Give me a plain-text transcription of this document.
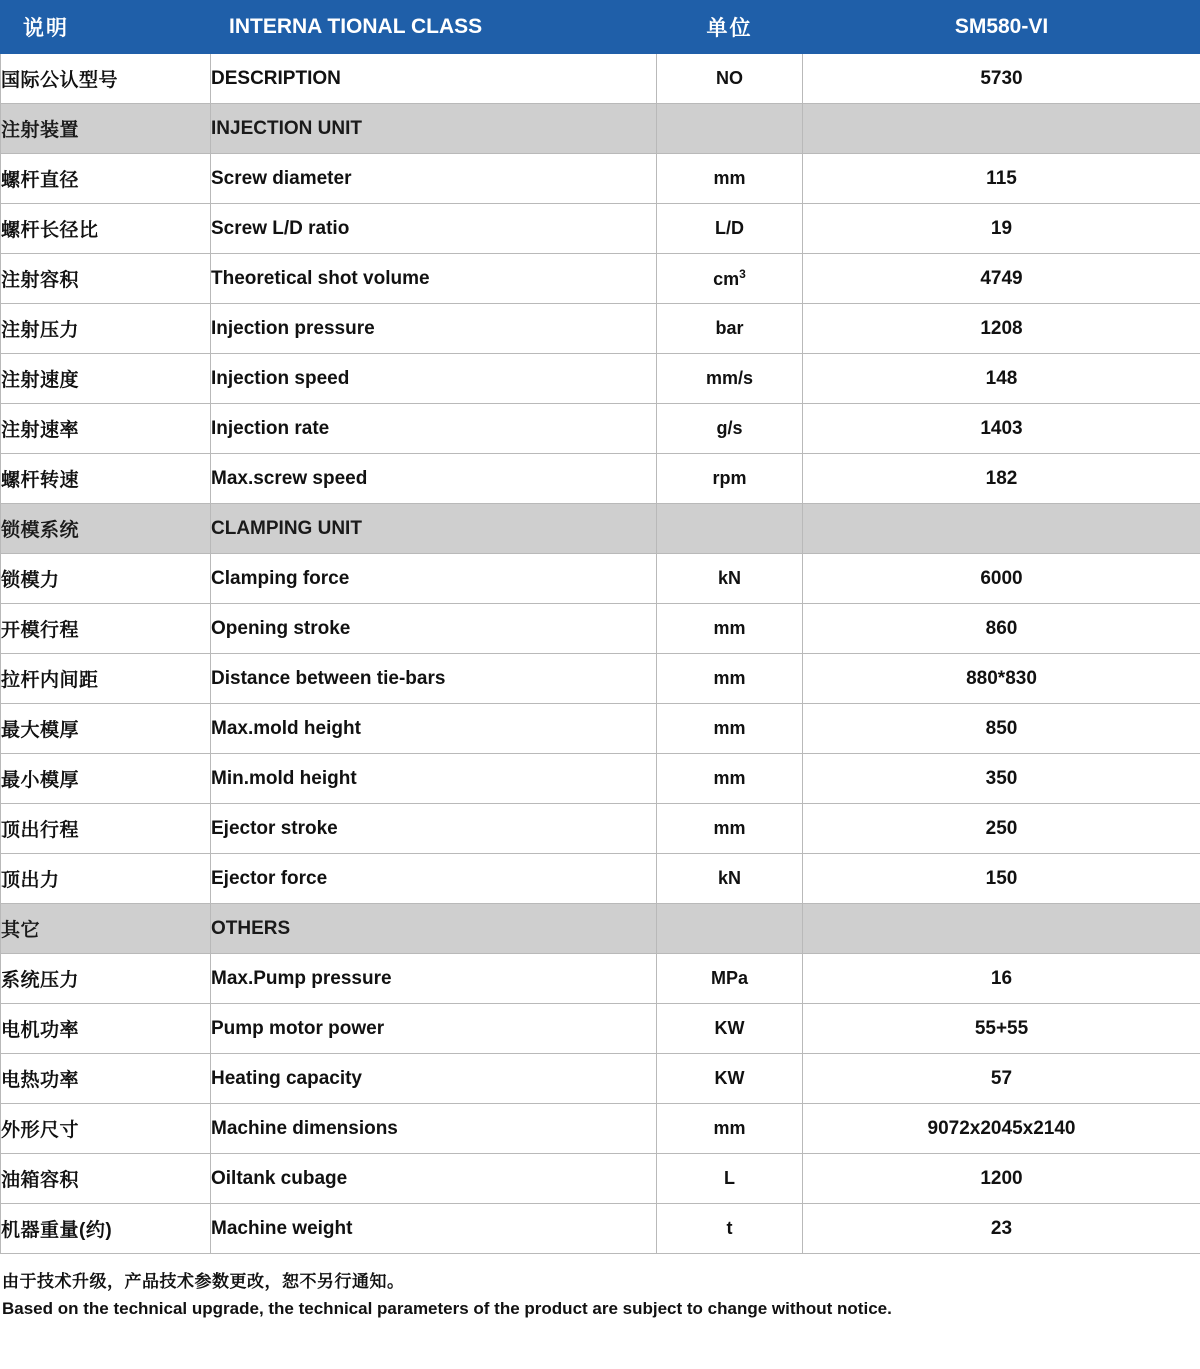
说明	INTERNA TIONAL CLASS	单位	SM580-VI
国际公认型号	DESCRIPTION	NO	5730
注射装置	INJECTION UNIT		
螺杆直径	Screw diameter	mm	115
螺杆长径比	Screw L/D ratio	L/D	19
注射容积	Theoretical shot volume	$cm^3$	4749
注射压力	Injection pressure	bar	1208
注射速度	Injection speed	mm/s	148
注射速率	Injection rate	g/s	1403
螺杆转速	Max.screw speed	rpm	182
锁模系统	CLAMPING UNIT		
锁模力	Clamping force	kN	6000
开模行程	Opening stroke	mm	860
拉杆内间距	Distance between tie-bars	mm	880*830
最大模厚	Max.mold height	mm	850
最小模厚	Min.mold height	mm	350
顶出行程	Ejector stroke	mm	250
顶出力	Ejector force	kN	150
其它	OTHERS		
系统压力	Max.Pump pressure	MPa	16
电机功率	Pump motor power	KW	55+55
电热功率	Heating capacity	KW	57
外形尺寸	Machine dimensions	mm	9072x2045x2140
油箱容积	Oiltank cubage	L	1200
机器重量(约)	Machine weight	t	23
由于技术升级，产品技术参数更改，恕不另行通知。
Based on the technical upgrade, the technical parameters of the product are subject to change without notice.
